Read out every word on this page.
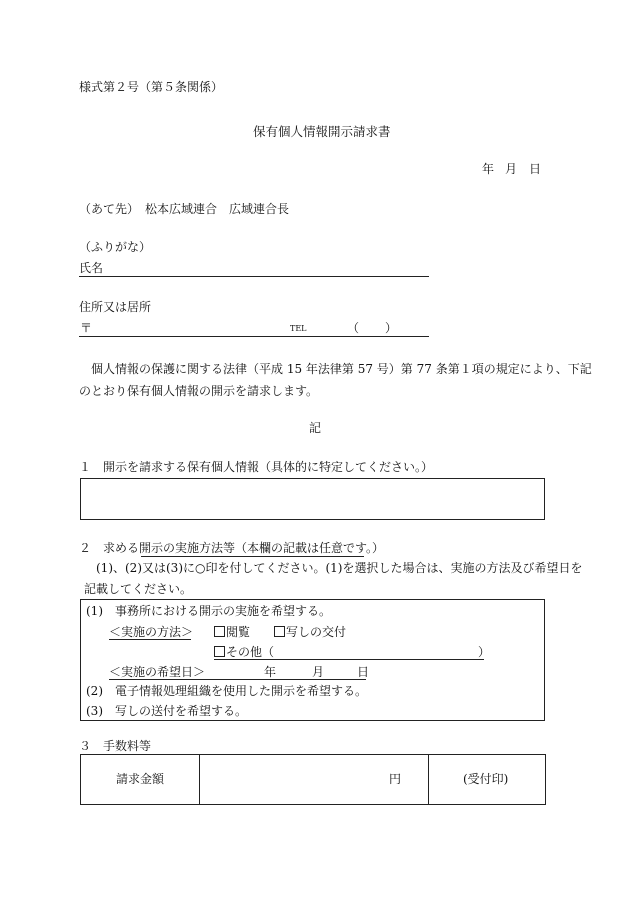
様式第２号（第５条関係）
保有個人情報開示請求書
年 月 日
（あて先）　松本広域連合　広域連合長
（ふりがな）
氏名
住所又は居所
〒	TEL	（ ）
個人情報の保護に関する法律（平成 15 年法律第 57 号）第 77 条第１項の規定により、下記
のとおり保有個人情報の開示を請求します。
記
１　開示を請求する保有個人情報（具体的に特定してください。）
２　求める開示の実施方法等（本欄の記載は任意です。）
(1)、(2)又は(3)に○印を付してください。(1)を選択した場合は、実施の方法及び希望日を
記載してください。
(1)　事務所における開示の実施を希望する。
＜実施の方法＞	閲覧	写しの交付
その他（	）
＜実施の希望日＞	年	月	日
(2)　電子情報処理組織を使用した開示を希望する。
(3)　写しの送付を希望する。
３　手数料等
請求金額	円	(受付印)
